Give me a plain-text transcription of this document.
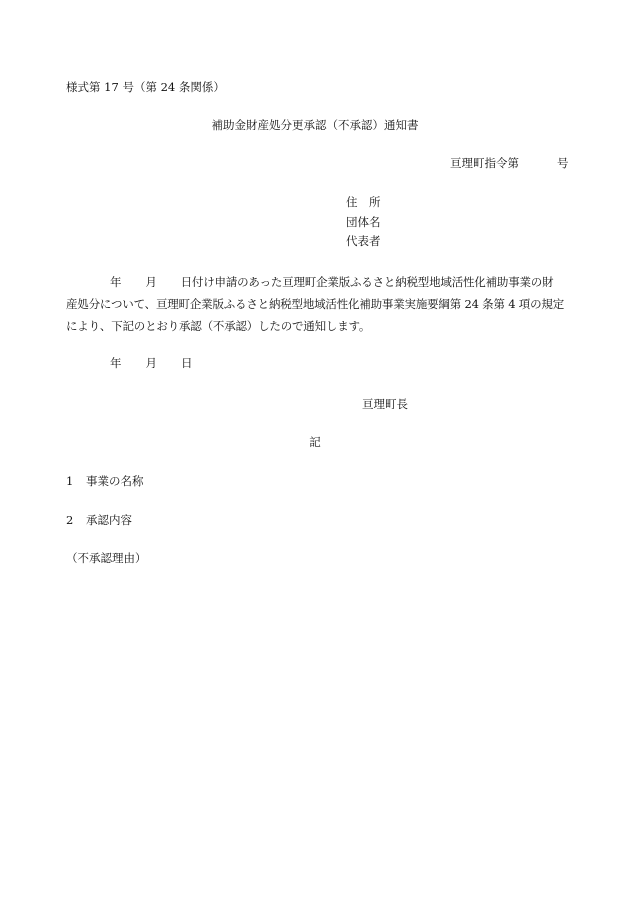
様式第 17 号（第 24 条関係）
補助金財産処分更承認（不承認）通知書
亘理町指令第	号
住　所
団体名
代表者
年 月 日付け申請のあった亘理町企業版ふるさと納税型地域活性化補助事業の財
産処分について、亘理町企業版ふるさと納税型地域活性化補助事業実施要綱第 24 条第 4 項の規定
により、下記のとおり承認（不承認）したので通知します。
年 月 日
亘理町長
記
1 事業の名称
2 承認内容
（不承認理由）
